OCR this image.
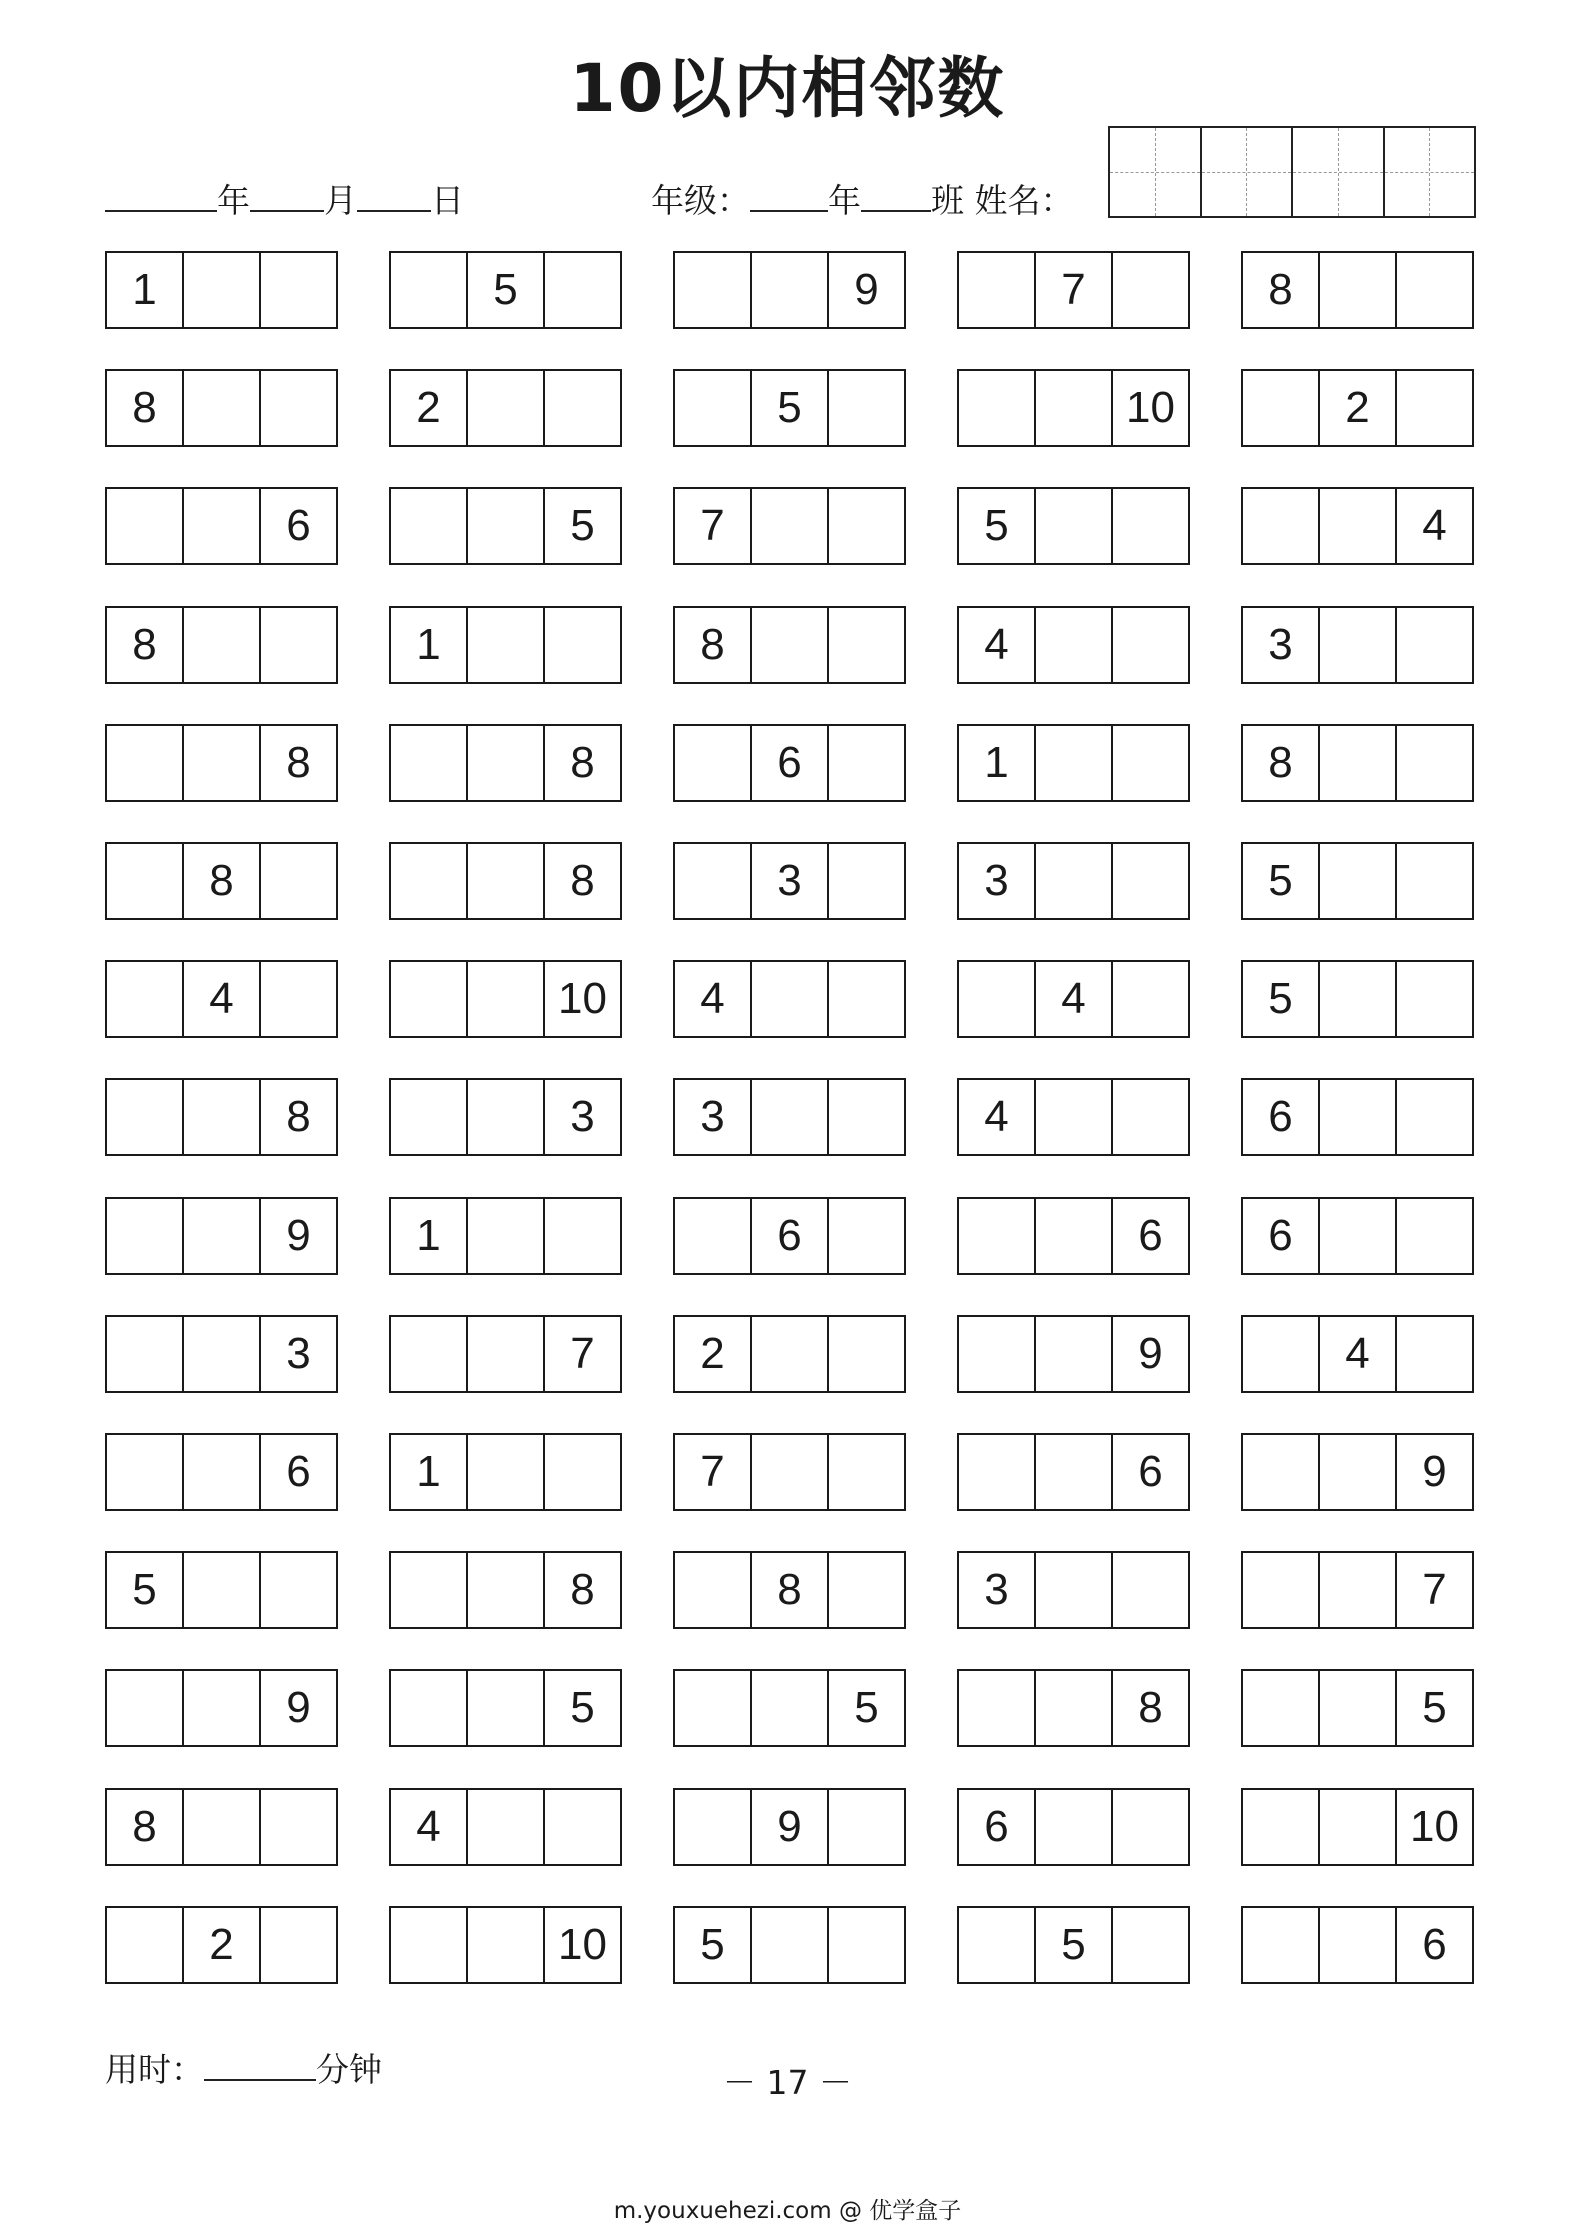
10以内相邻数
年 月 日	年级： 年 班 姓名：
1	5	9	7	8
8	2	5	10	2
6	5	7	5	4
8	1	8	4	3
8	8	6	1	8
8	8	3	3	5
4	10	4	4	5
8	3	3	4	6
9	1	6	6	6
3	7	2	9	4
6	1	7	6	9
5	8	8	3	7
9	5	5	8	5
8	4	9	6	10
2	10	5	5	6
用时：	分钟	－ 17 －
m.youxuehezi.com @ 优学盒子
